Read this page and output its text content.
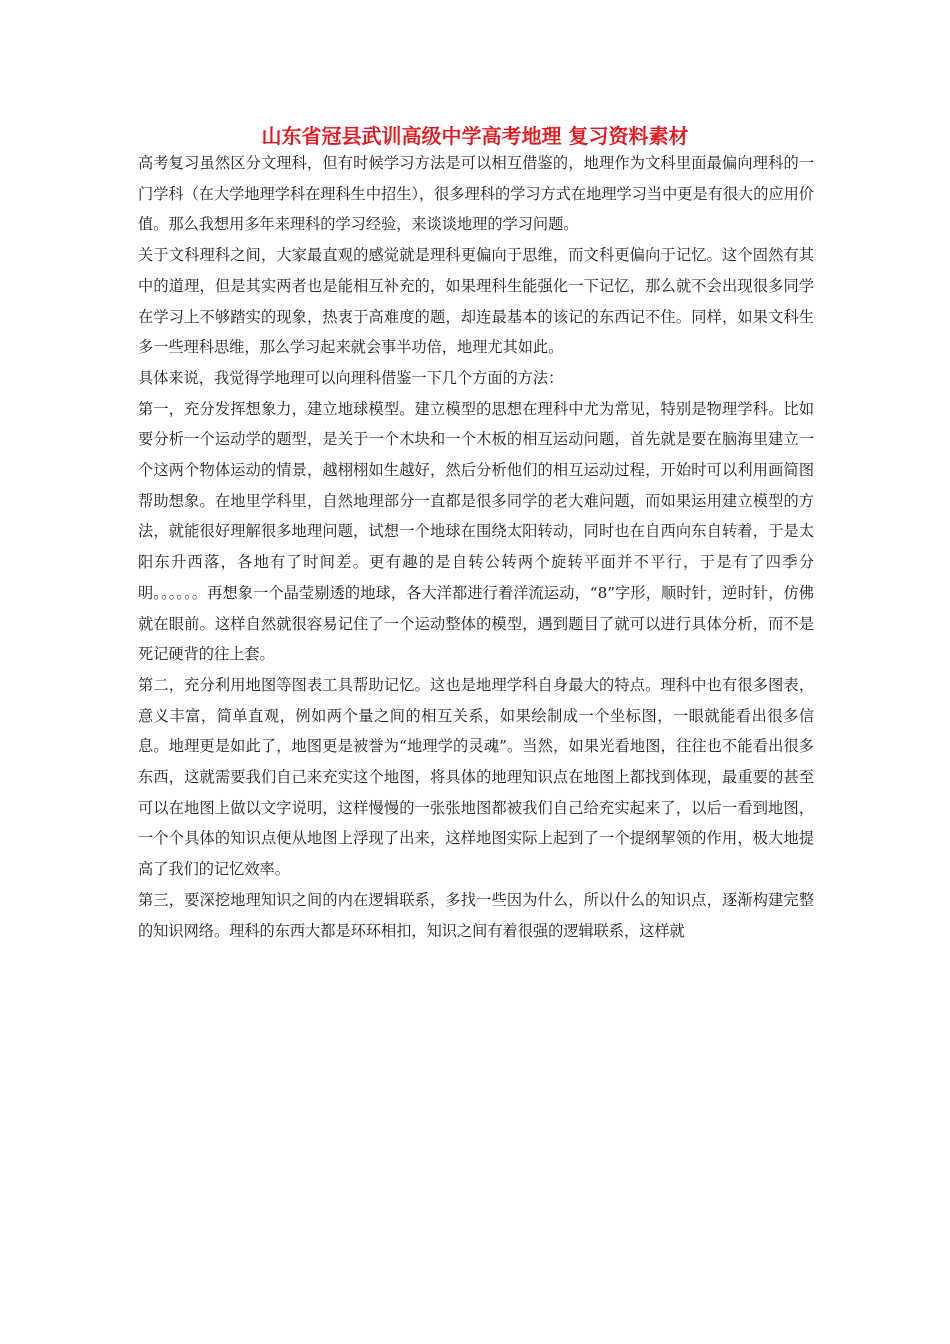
山东省冠县武训高级中学高考地理 复习资料素材

高考复习虽然区分文理科，但有时候学习方法是可以相互借鉴的，地理作为文科里面最偏向理科的一门学科（在大学地理学科在理科生中招生），很多理科的学习方式在地理学习当中更是有很大的应用价值。那么我想用多年来理科的学习经验，来谈谈地理的学习问题。

关于文科理科之间，大家最直观的感觉就是理科更偏向于思维，而文科更偏向于记忆。这个固然有其中的道理，但是其实两者也是能相互补充的，如果理科生能强化一下记忆，那么就不会出现很多同学在学习上不够踏实的现象，热衷于高难度的题，却连最基本的该记的东西记不住。同样，如果文科生多一些理科思维，那么学习起来就会事半功倍，地理尤其如此。

具体来说，我觉得学地理可以向理科借鉴一下几个方面的方法：

第一，充分发挥想象力，建立地球模型。建立模型的思想在理科中尤为常见，特别是物理学科。比如要分析一个运动学的题型，是关于一个木块和一个木板的相互运动问题，首先就是要在脑海里建立一个这两个物体运动的情景，越栩栩如生越好，然后分析他们的相互运动过程，开始时可以利用画简图帮助想象。在地里学科里，自然地理部分一直都是很多同学的老大难问题，而如果运用建立模型的方法，就能很好理解很多地理问题，试想一个地球在围绕太阳转动，同时也在自西向东自转着，于是太阳东升西落，各地有了时间差。更有趣的是自转公转两个旋转平面并不平行，于是有了四季分明。。。。。。再想象一个晶莹剔透的地球，各大洋都进行着洋流运动，“8”字形，顺时针，逆时针，仿佛就在眼前。这样自然就很容易记住了一个运动整体的模型，遇到题目了就可以进行具体分析，而不是死记硬背的往上套。

第二，充分利用地图等图表工具帮助记忆。这也是地理学科自身最大的特点。理科中也有很多图表，意义丰富，简单直观，例如两个量之间的相互关系，如果绘制成一个坐标图，一眼就能看出很多信息。地理更是如此了，地图更是被誉为“地理学的灵魂”。当然，如果光看地图，往往也不能看出很多东西，这就需要我们自己来充实这个地图，将具体的地理知识点在地图上都找到体现，最重要的甚至可以在地图上做以文字说明，这样慢慢的一张张地图都被我们自己给充实起来了，以后一看到地图，一个个具体的知识点便从地图上浮现了出来，这样地图实际上起到了一个提纲挈领的作用，极大地提高了我们的记忆效率。

第三，要深挖地理知识之间的内在逻辑联系，多找一些因为什么，所以什么的知识点，逐渐构建完整的知识网络。理科的东西大都是环环相扣，知识之间有着很强的逻辑联系，这样就
